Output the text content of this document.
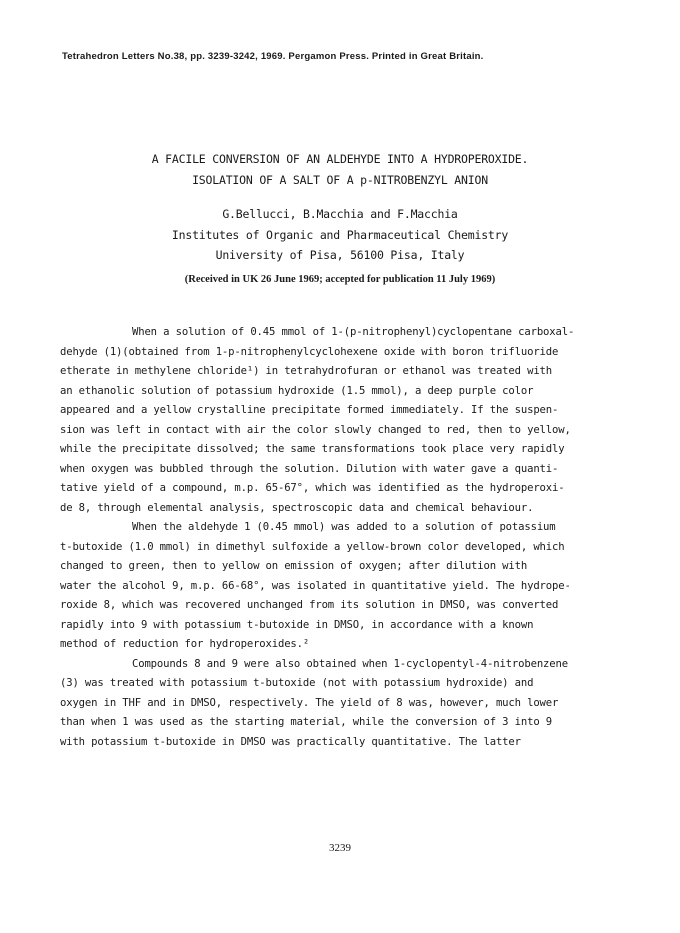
Tetrahedron Letters No.38, pp. 3239-3242, 1969. Pergamon Press. Printed in Great Britain.
A FACILE CONVERSION OF AN ALDEHYDE INTO A HYDROPEROXIDE.
ISOLATION OF A SALT OF A p-NITROBENZYL ANION
G.Bellucci, B.Macchia and F.Macchia
Institutes of Organic and Pharmaceutical Chemistry
University of Pisa, 56100 Pisa, Italy
(Received in UK 26 June 1969; accepted for publication 11 July 1969)
When a solution of 0.45 mmol of 1-(p-nitrophenyl)cyclopentane carboxal-
dehyde (1)(obtained from 1-p-nitrophenylcyclohexene oxide with boron trifluoride
etherate in methylene chloride¹) in tetrahydrofuran or ethanol was treated with
an ethanolic solution of potassium hydroxide (1.5 mmol), a deep purple color
appeared and a yellow crystalline precipitate formed immediately. If the suspen-
sion was left in contact with air the color slowly changed to red, then to yellow,
while the precipitate dissolved; the same transformations took place very rapidly
when oxygen was bubbled through the solution. Dilution with water gave a quanti-
tative yield of a compound, m.p. 65-67°, which was identified as the hydroperoxi-
de 8, through elemental analysis, spectroscopic data and chemical behaviour.
When the aldehyde 1 (0.45 mmol) was added to a solution of potassium
t-butoxide (1.0 mmol) in dimethyl sulfoxide a yellow-brown color developed, which
changed to green, then to yellow on emission of oxygen; after dilution with
water the alcohol 9, m.p. 66-68°, was isolated in quantitative yield. The hydrope-
roxide 8, which was recovered unchanged from its solution in DMSO, was converted
rapidly into 9 with potassium t-butoxide in DMSO, in accordance with a known
method of reduction for hydroperoxides.²
Compounds 8 and 9 were also obtained when 1-cyclopentyl-4-nitrobenzene
(3) was treated with potassium t-butoxide (not with potassium hydroxide) and
oxygen in THF and in DMSO, respectively. The yield of 8 was, however, much lower
than when 1 was used as the starting material, while the conversion of 3 into 9
with potassium t-butoxide in DMSO was practically quantitative. The latter
3239
